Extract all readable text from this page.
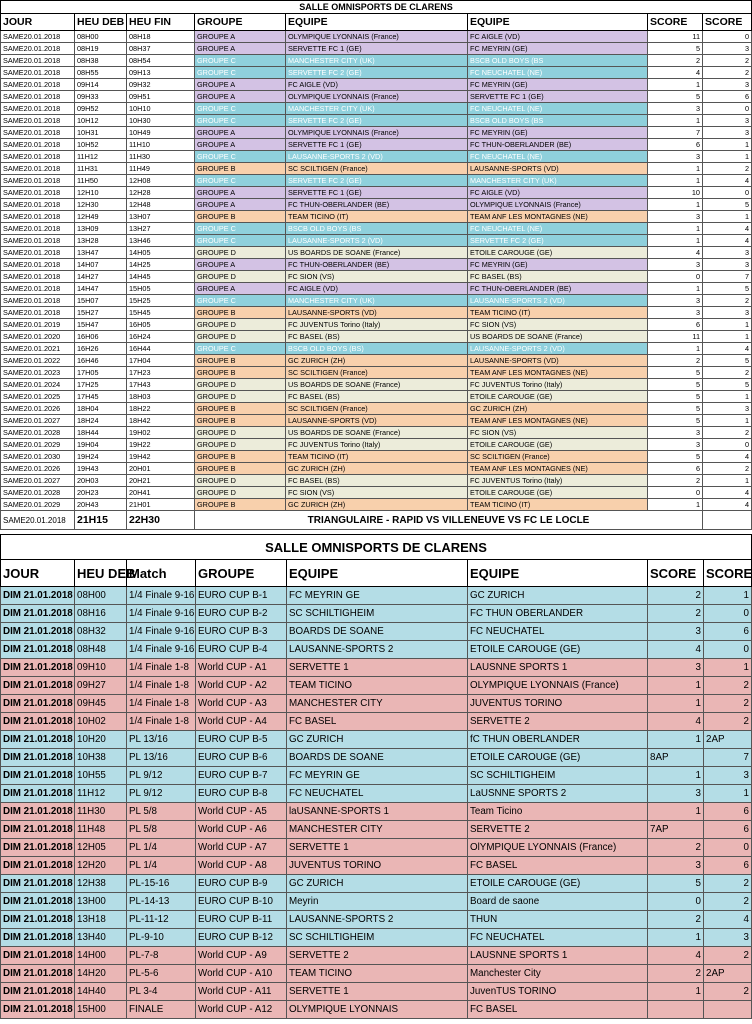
SALLE OMNISPORTS DE CLARENS							
JOUR	HEU DEB	HEU FIN	GROUPE	EQUIPE	EQUIPE	SCORE	SCORE
SAME20.01.2018	08H00	08H18	GROUPE A	OLYMPIQUE LYONNAIS (France)	FC AIGLE (VD)	11	0
SAME20.01.2018	08H19	08H37	GROUPE A	SERVETTE FC 1 (GE)	FC MEYRIN (GE)	5	3
SAME20.01.2018	08H38	08H54	GROUPE C	MANCHESTER CITY (UK)	BSCB OLD BOYS (BS	2	2
SAME20.01.2018	08H55	09H13	GROUPE C	SERVETTE FC 2 (GE)	FC NEUCHATEL (NE)	4	2
SAME20.01.2018	09H14	09H32	GROUPE A	FC AIGLE (VD)	FC MEYRIN (GE)	1	3
SAME20.01.2018	09H33	09H51	GROUPE A	OLYMPIQUE LYONNAIS (France)	SERVETTE FC 1 (GE)	5	6
SAME20.01.2018	09H52	10H10	GROUPE C	MANCHESTER CITY (UK)	FC NEUCHATEL (NE)	3	0
SAME20.01.2018	10H12	10H30	GROUPE C	SERVETTE FC 2 (GE)	BSCB OLD BOYS (BS	1	3
SAME20.01.2018	10H31	10H49	GROUPE A	OLYMPIQUE LYONNAIS (France)	FC MEYRIN (GE)	7	3
SAME20.01.2018	10H52	11H10	GROUPE A	SERVETTE FC 1 (GE)	FC THUN-OBERLANDER (BE)	6	1
SAME20.01.2018	11H12	11H30	GROUPE C	LAUSANNE-SPORTS 2 (VD)	FC NEUCHATEL (NE)	3	1
SAME20.01.2018	11H31	11H49	GROUPE B	SC SCILTIGEN (France)	LAUSANNE-SPORTS (VD)	1	2
SAME20.01.2018	11H50	12H08	GROUPE C	SERVETTE FC 2 (GE)	MANCHESTER CITY (UK)	1	4
SAME20.01.2018	12H10	12H28	GROUPE A	SERVETTE FC 1 (GE)	FC AIGLE (VD)	10	0
SAME20.01.2018	12H30	12H48	GROUPE A	FC THUN-OBERLANDER (BE)	OLYMPIQUE LYONNAIS (France)	1	5
SAME20.01.2018	12H49	13H07	GROUPE B	TEAM TICINO (IT)	TEAM ANF LES MONTAGNES (NE)	3	1
SAME20.01.2018	13H09	13H27	GROUPE C	BSCB OLD BOYS (BS	FC NEUCHATEL (NE)	1	4
SAME20.01.2018	13H28	13H46	GROUPE C	LAUSANNE-SPORTS 2 (VD)	SERVETTE FC 2 (GE)	1	4
SAME20.01.2018	13H47	14H05	GROUPE D	US BOARDS DE SOANE (France)	ETOILE CAROUGE (GE)	4	3
SAME20.01.2018	14H07	14H25	GROUPE A	FC THUN-OBERLANDER (BE)	FC MEYRIN (GE)	3	3
SAME20.01.2018	14H27	14H45	GROUPE D	FC SION (VS)	FC BASEL (BS)	0	7
SAME20.01.2018	14H47	15H05	GROUPE A	FC AIGLE (VD)	FC THUN-OBERLANDER (BE)	1	5
SAME20.01.2018	15H07	15H25	GROUPE C	MANCHESTER CITY (UK)	LAUSANNE-SPORTS 2 (VD)	3	2
SAME20.01.2018	15H27	15H45	GROUPE B	LAUSANNE-SPORTS (VD)	TEAM TICINO (IT)	3	3
SAME20.01.2019	15H47	16H05	GROUPE D	FC JUVENTUS Torino (Italy)	FC SION (VS)	6	1
SAME20.01.2020	16H06	16H24	GROUPE D	FC BASEL (BS)	US BOARDS DE SOANE (France)	11	1
SAME20.01.2021	16H26	16H44	GROUPE C	BSCB OLD BOYS (BS)	LAUSANNE-SPORTS 2 (VD)	1	4
SAME20.01.2022	16H46	17H04	GROUPE B	GC ZURICH (ZH)	LAUSANNE-SPORTS (VD)	2	5
SAME20.01.2023	17H05	17H23	GROUPE B	SC SCILTIGEN (France)	TEAM ANF LES MONTAGNES (NE)	5	2
SAME20.01.2024	17H25	17H43	GROUPE D	US BOARDS DE SOANE (France)	FC JUVENTUS Torino (Italy)	5	5
SAME20.01.2025	17H45	18H03	GROUPE D	FC BASEL (BS)	ETOILE CAROUGE (GE)	5	1
SAME20.01.2026	18H04	18H22	GROUPE B	SC SCILTIGEN (France)	GC ZURICH (ZH)	5	3
SAME20.01.2027	18H24	18H42	GROUPE B	LAUSANNE-SPORTS (VD)	TEAM ANF LES MONTAGNES (NE)	5	1
SAME20.01.2028	18H44	19H02	GROUPE D	US BOARDS DE SOANE (France)	FC SION (VS)	3	2
SAME20.01.2029	19H04	19H22	GROUPE D	FC JUVENTUS Torino (Italy)	ETOILE CAROUGE (GE)	3	0
SAME20.01.2030	19H24	19H42	GROUPE B	TEAM TICINO (IT)	SC SCILTIGEN (France)	5	4
SAME20.01.2026	19H43	20H01	GROUPE B	GC ZURICH (ZH)	TEAM ANF LES MONTAGNES (NE)	6	2
SAME20.01.2027	20H03	20H21	GROUPE D	FC BASEL (BS)	FC JUVENTUS Torino (Italy)	2	1
SAME20.01.2028	20H23	20H41	GROUPE D	FC SION (VS)	ETOILE CAROUGE (GE)	0	4
SAME20.01.2029	20H43	21H01	GROUPE B	GC ZURICH (ZH)	TEAM TICINO (IT)	1	4
SAME20.01.2018	21H15	22H30	TRIANGULAIRE - RAPID VS VILLENEUVE VS FC LE LOCLE				
SALLE OMNISPORTS DE CLARENS							
JOUR	HEU DEB	Match	GROUPE	EQUIPE	EQUIPE	SCORE	SCORE
DIM 21.01.2018	08H00	1/4 Finale 9-16	EURO CUP B-1	FC MEYRIN GE	GC ZURICH	2	1
DIM 21.01.2018	08H16	1/4 Finale 9-16	EURO CUP B-2	SC SCHILTIGHEIM	FC THUN OBERLANDER	2	0
DIM 21.01.2018	08H32	1/4 Finale 9-16	EURO CUP B-3	BOARDS DE SOANE	FC NEUCHATEL	3	6
DIM 21.01.2018	08H48	1/4 Finale 9-16	EURO CUP B-4	LAUSANNE-SPORTS 2	ETOILE CAROUGE (GE)	4	0
DIM 21.01.2018	09H10	1/4 Finale 1-8	World CUP - A1	SERVETTE 1	LAUSNNE SPORTS 1	3	1
DIM 21.01.2018	09H27	1/4 Finale 1-8	World CUP - A2	TEAM TICINO	OLYMPIQUE LYONNAIS (France)	1	2
DIM 21.01.2018	09H45	1/4 Finale 1-8	World CUP - A3	MANCHESTER CITY	JUVENTUS TORINO	1	2
DIM 21.01.2018	10H02	1/4 Finale 1-8	World CUP - A4	FC BASEL	SERVETTE 2	4	2
DIM 21.01.2018	10H20	PL 13/16	EURO CUP B-5	GC ZURICH	fC THUN OBERLANDER	1	2AP
DIM 21.01.2018	10H38	PL 13/16	EURO CUP B-6	BOARDS DE SOANE	ETOILE CAROUGE (GE)	8AP	7
DIM 21.01.2018	10H55	PL 9/12	EURO CUP B-7	FC MEYRIN GE	SC SCHILTIGHEIM	1	3
DIM 21.01.2018	11H12	PL 9/12	EURO CUP B-8	FC NEUCHATEL	LaUSNNE SPORTS 2	3	1
DIM 21.01.2018	11H30	PL 5/8	World CUP - A5	laUSANNE-SPORTS 1	Team Ticino	1	6
DIM 21.01.2018	11H48	PL 5/8	World CUP - A6	MANCHESTER CITY	SERVETTE 2	7AP	6
DIM 21.01.2018	12H05	PL 1/4	World CUP - A7	SERVETTE 1	OlYMPIQUE LYONNAIS (France)	2	0
DIM 21.01.2018	12H20	PL 1/4	World CUP - A8	JUVENTUS TORINO	FC BASEL	3	6
DIM 21.01.2018	12H38	PL-15-16	EURO CUP B-9	GC ZURICH	ETOILE CAROUGE (GE)	5	2
DIM 21.01.2018	13H00	PL-14-13	EURO CUP B-10	Meyrin	Board de saone	0	2
DIM 21.01.2018	13H18	PL-11-12	EURO CUP B-11	LAUSANNE-SPORTS 2	THUN	2	4
DIM 21.01.2018	13H40	PL-9-10	EURO CUP B-12	SC SCHILTIGHEIM	FC NEUCHATEL	1	3
DIM 21.01.2018	14H00	PL-7-8	World CUP - A9	SERVETTE 2	LAUSNNE SPORTS 1	4	2
DIM 21.01.2018	14H20	PL-5-6	World CUP - A10	TEAM TICINO	Manchester City	2	2AP
DIM 21.01.2018	14H40	PL 3-4	World CUP - A11	SERVETTE 1	JuvenTUS TORINO	1	2
DIM 21.01.2018	15H00	FINALE	World CUP - A12	OLYMPIQUE LYONNAIS	FC BASEL		
